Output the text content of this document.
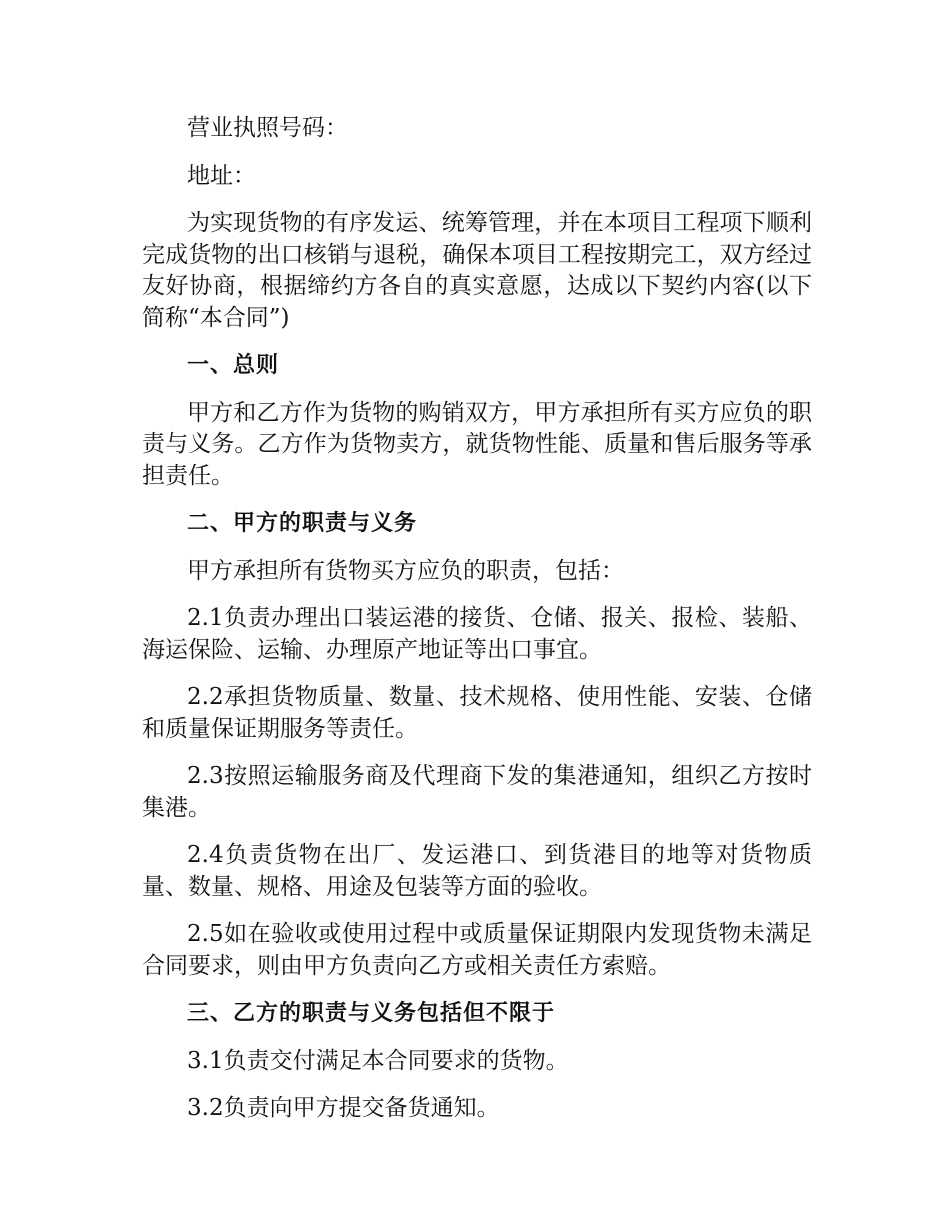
营业执照号码：

地址：

为实现货物的有序发运、统筹管理，并在本项目工程项下顺利完成货物的出口核销与退税，确保本项目工程按期完工，双方经过友好协商，根据缔约方各自的真实意愿，达成以下契约内容(以下简称“本合同”)

一、总则

甲方和乙方作为货物的购销双方，甲方承担所有买方应负的职责与义务。乙方作为货物卖方，就货物性能、质量和售后服务等承担责任。

二、甲方的职责与义务

甲方承担所有货物买方应负的职责，包括：

2.1负责办理出口装运港的接货、仓储、报关、报检、装船、海运保险、运输、办理原产地证等出口事宜。

2.2承担货物质量、数量、技术规格、使用性能、安装、仓储和质量保证期服务等责任。

2.3按照运输服务商及代理商下发的集港通知，组织乙方按时集港。

2.4负责货物在出厂、发运港口、到货港目的地等对货物质量、数量、规格、用途及包装等方面的验收。

2.5如在验收或使用过程中或质量保证期限内发现货物未满足合同要求，则由甲方负责向乙方或相关责任方索赔。

三、乙方的职责与义务包括但不限于

3.1负责交付满足本合同要求的货物。

3.2负责向甲方提交备货通知。
